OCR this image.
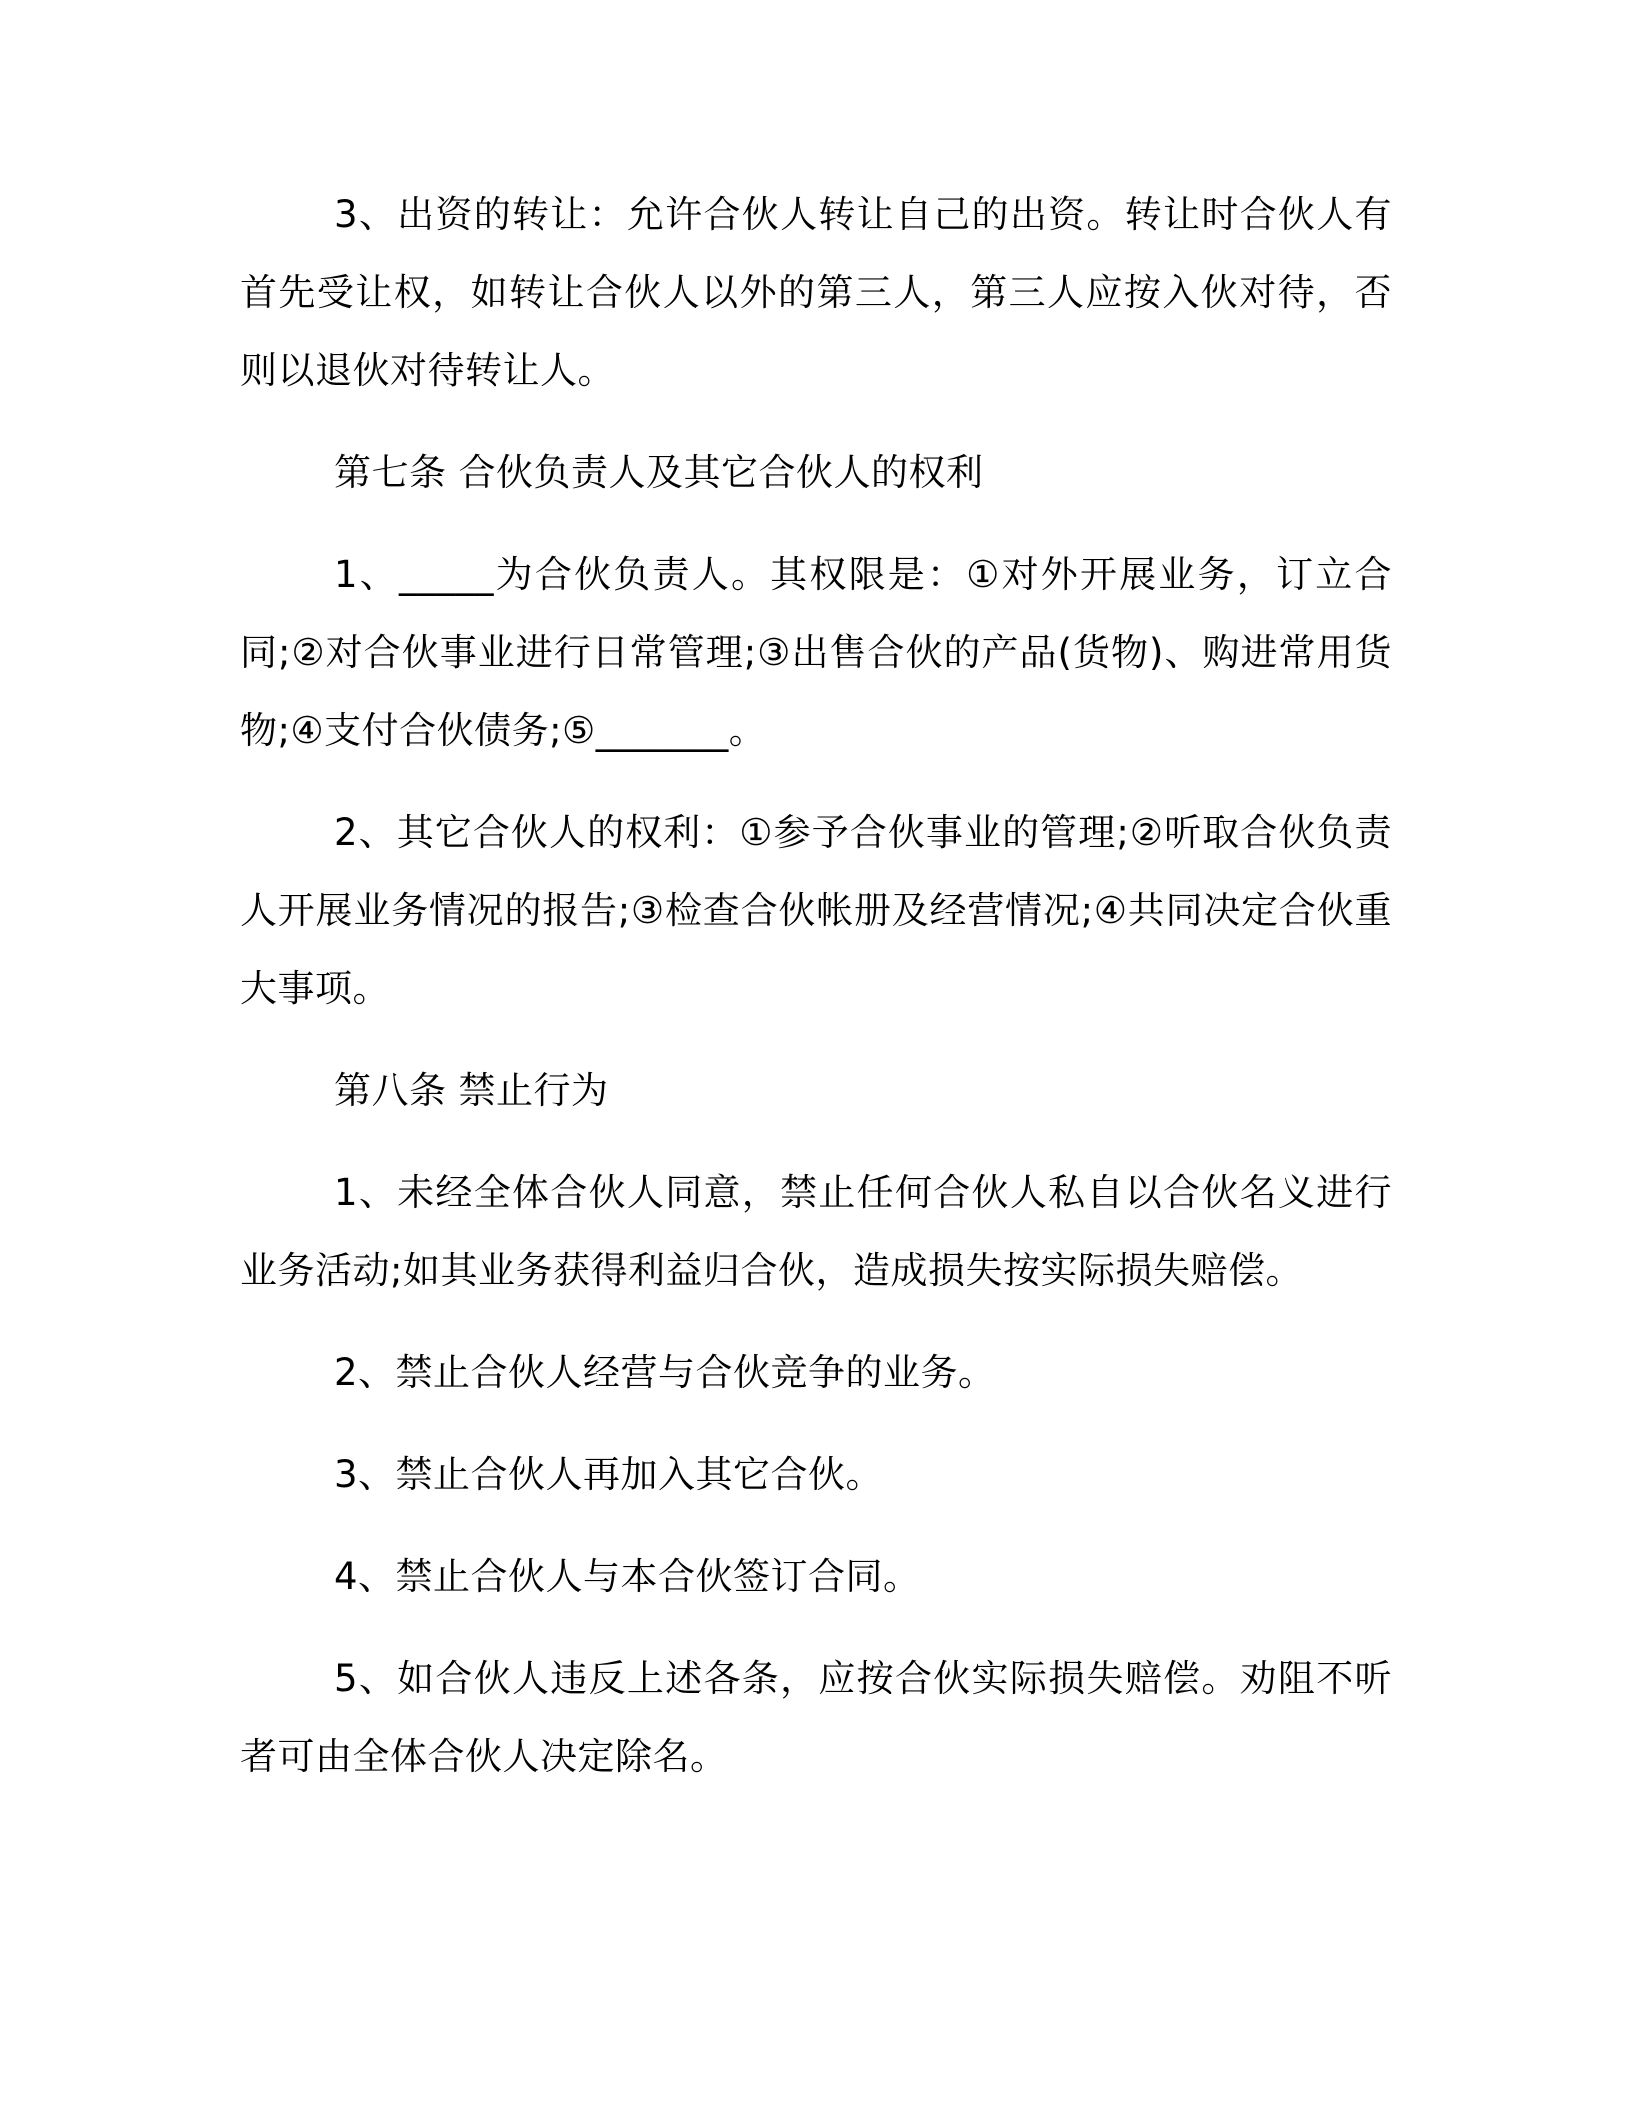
3、出资的转让：允许合伙人转让自己的出资。转让时合伙人有首先受让权，如转让合伙人以外的第三人，第三人应按入伙对待，否则以退伙对待转让人。

第七条 合伙负责人及其它合伙人的权利

1、_____为合伙负责人。其权限是：①对外开展业务，订立合同;②对合伙事业进行日常管理;③出售合伙的产品(货物)、购进常用货物;④支付合伙债务;⑤_______。

2、其它合伙人的权利：①参予合伙事业的管理;②听取合伙负责人开展业务情况的报告;③检查合伙帐册及经营情况;④共同决定合伙重大事项。

第八条 禁止行为

1、未经全体合伙人同意，禁止任何合伙人私自以合伙名义进行业务活动;如其业务获得利益归合伙，造成损失按实际损失赔偿。

2、禁止合伙人经营与合伙竞争的业务。

3、禁止合伙人再加入其它合伙。

4、禁止合伙人与本合伙签订合同。

5、如合伙人违反上述各条，应按合伙实际损失赔偿。劝阻不听者可由全体合伙人决定除名。
